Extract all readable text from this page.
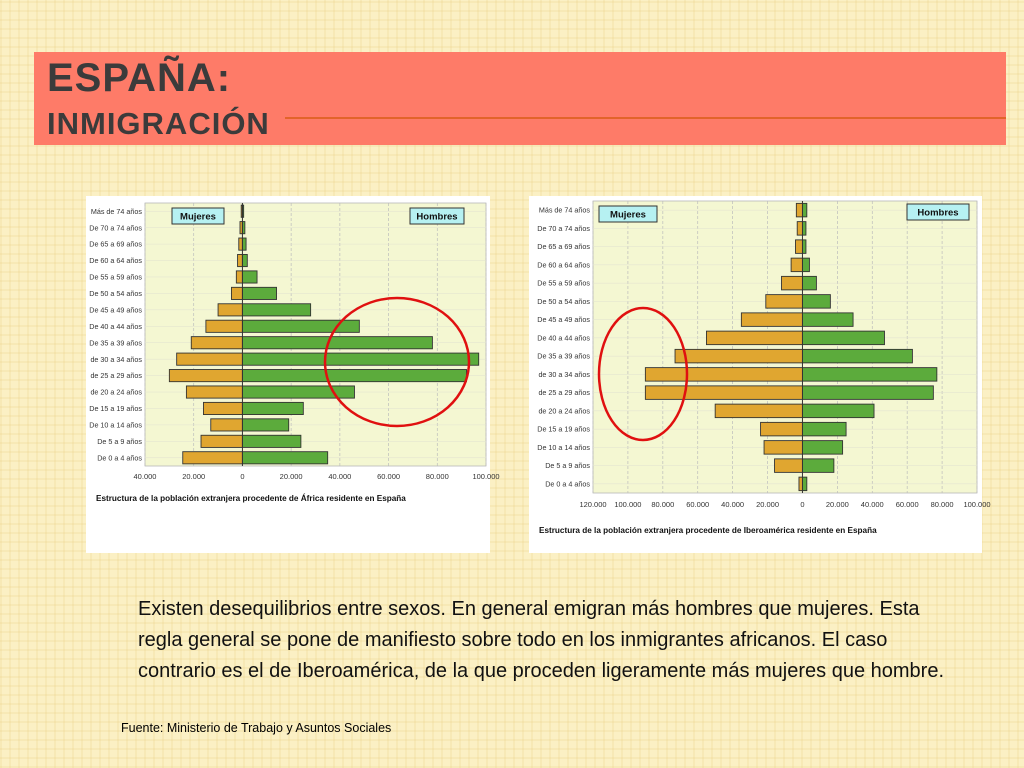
ESPAÑA:
INMIGRACIÓN
40.000	20.000	0	20.000	40.000	60.000	80.000	100.000
Más de 74 años
De 70 a 74 años
De 65 a 69 años
De 60 a 64 años
De 55 a 59 años
De 50 a 54 años
De 45 a 49 años
De 40 a 44 años
De 35 a 39 años
de 30 a 34 años
de 25 a 29 años
de 20 a 24 años
De 15 a 19 años
De 10 a 14 años
De 5 a 9 años
De 0 a 4 años
Mujeres	Hombres
Estructura de la población extranjera procedente de África residente en España
120.000 100.000 80.000 60.000 40.000 20.000	0	20.000 40.000 60.000 80.000 100.000
Más de 74 años
De 70 a 74 años
De 65 a 69 años
De 60 a 64 años
De 55 a 59 años
De 50 a 54 años
De 45 a 49 años
De 40 a 44 años
De 35 a 39 años
de 30 a 34 años
de 25 a 29 años
de 20 a 24 años
De 15 a 19 años
De 10 a 14 años
De 5 a 9 años
De 0 a 4 años
Mujeres	Hombres
Estructura de la población extranjera procedente de Iberoamérica residente en España
Existen desequilibrios entre sexos. En general emigran más hombres que mujeres. Esta regla general se pone de manifiesto sobre todo en los inmigrantes africanos. El caso contrario es el de Iberoamérica, de la que proceden ligeramente más mujeres que hombre.
Fuente: Ministerio de Trabajo y Asuntos Sociales
